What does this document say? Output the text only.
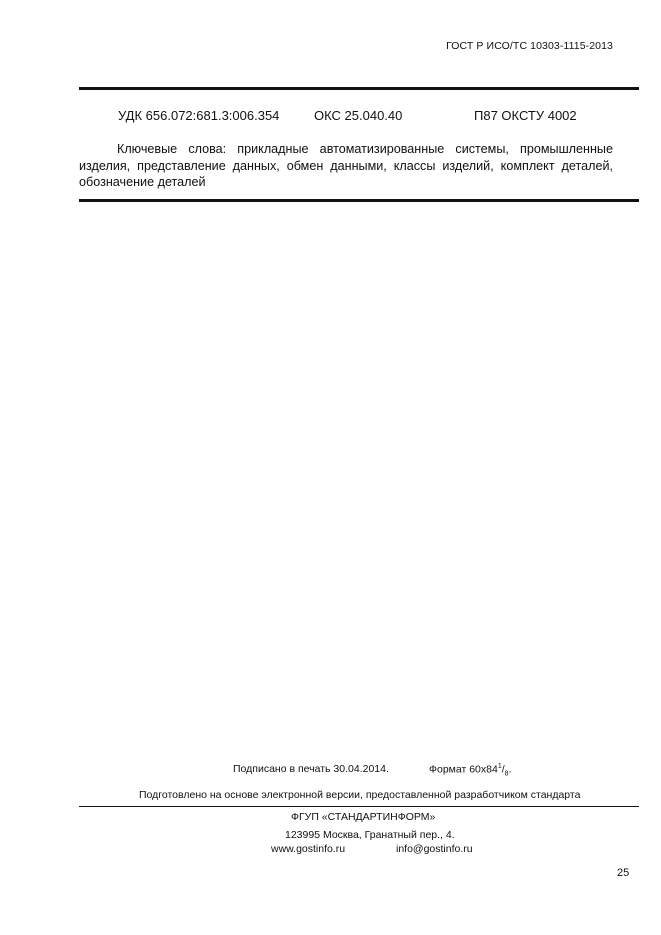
ГОСТ Р ИСО/ТС 10303-1115-2013
УДК 656.072:681.3:006.354	ОКС 25.040.40	П87 ОКСТУ 4002
Ключевые слова: прикладные автоматизированные системы, промышленные изделия, представление данных, обмен данными, классы изделий, комплект деталей, обозначение деталей
Подписано в печать 30.04.2014.	Формат $60x84^1/_8$.
Подготовлено на основе электронной версии, предоставленной разработчиком стандарта
ФГУП «СТАНДАРТИНФОРМ»
123995 Москва, Гранатный пер., 4.
www.gostinfo.ru	info@gostinfo.ru
25
